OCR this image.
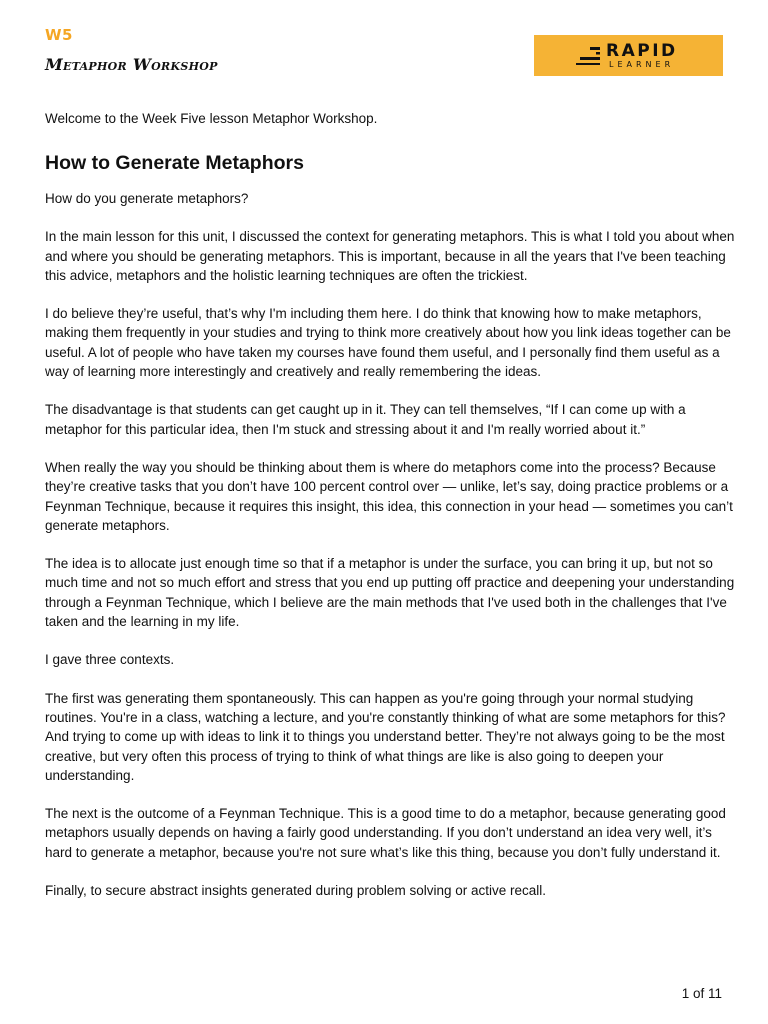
W5
Metaphor Workshop
RAPID
LEARNER

Welcome to the Week Five lesson Metaphor Workshop.

How to Generate Metaphors

How do you generate metaphors?

In the main lesson for this unit, I discussed the context for generating metaphors. This is what I told you about when and where you should be generating metaphors. This is important, because in all the years that I've been teaching this advice, metaphors and the holistic learning techniques are often the trickiest.

I do believe they’re useful, that’s why I'm including them here. I do think that knowing how to make metaphors, making them frequently in your studies and trying to think more creatively about how you link ideas together can be useful. A lot of people who have taken my courses have found them useful, and I personally find them useful as a way of learning more interestingly and creatively and really remembering the ideas.

The disadvantage is that students can get caught up in it. They can tell themselves, “If I can come up with a metaphor for this particular idea, then I'm stuck and stressing about it and I'm really worried about it.”

When really the way you should be thinking about them is where do metaphors come into the process? Because they’re creative tasks that you don’t have 100 percent control over — unlike, let’s say, doing practice problems or a Feynman Technique, because it requires this insight, this idea, this connection in your head — sometimes you can’t generate metaphors.

The idea is to allocate just enough time so that if a metaphor is under the surface, you can bring it up, but not so much time and not so much effort and stress that you end up putting off practice and deepening your understanding through a Feynman Technique, which I believe are the main methods that I've used both in the challenges that I've taken and the learning in my life.

I gave three contexts.

The first was generating them spontaneously. This can happen as you're going through your normal studying routines. You're in a class, watching a lecture, and you're constantly thinking of what are some metaphors for this? And trying to come up with ideas to link it to things you understand better. They’re not always going to be the most creative, but very often this process of trying to think of what things are like is also going to deepen your understanding.

The next is the outcome of a Feynman Technique. This is a good time to do a metaphor, because generating good metaphors usually depends on having a fairly good understanding. If you don’t understand an idea very well, it’s hard to generate a metaphor, because you're not sure what’s like this thing, because you don’t fully understand it.

Finally, to secure abstract insights generated during problem solving or active recall.

1 of 11
